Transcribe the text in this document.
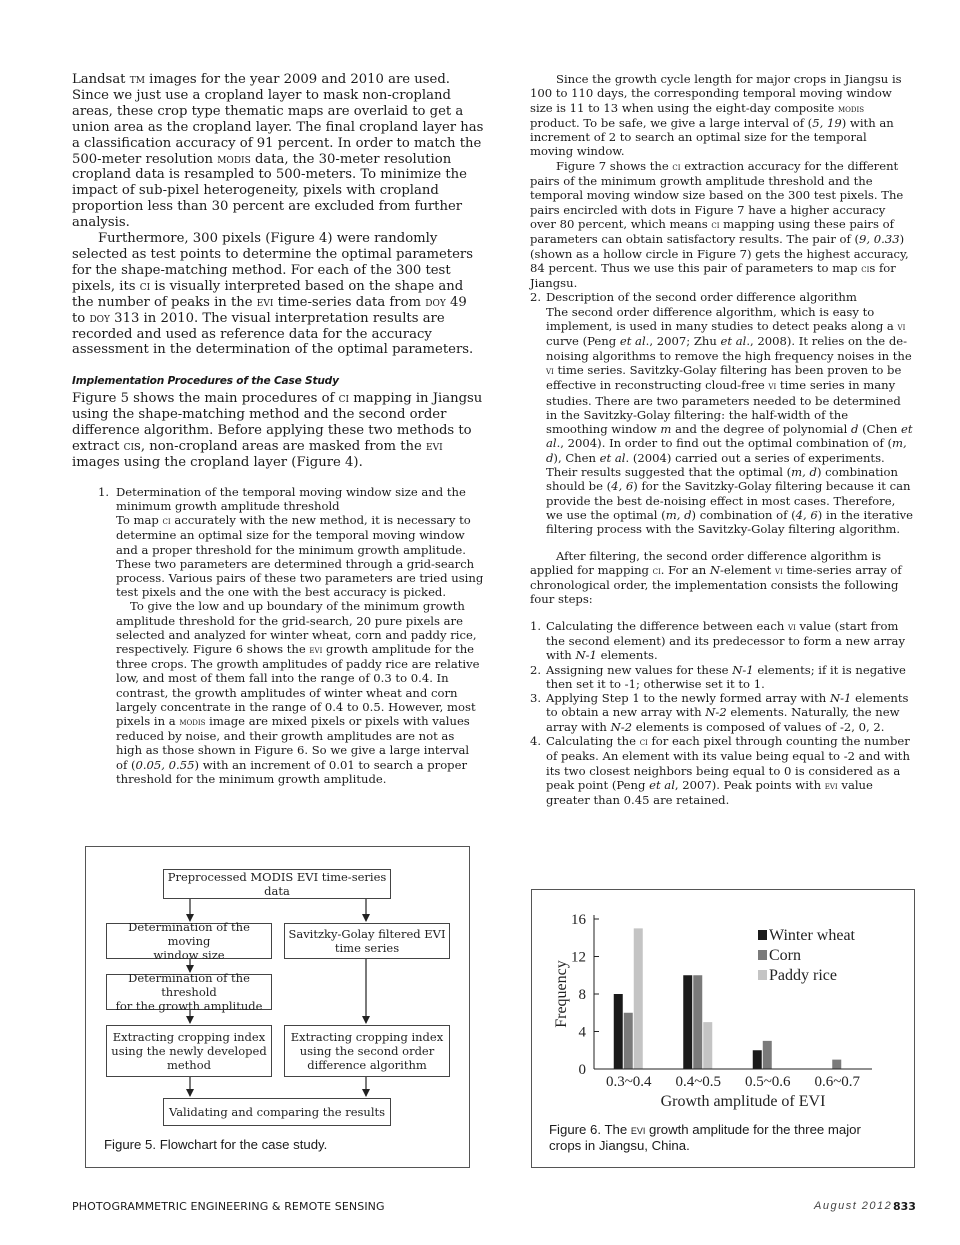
Landsat tm images for the year 2009 and 2010 are used. Since we just use a cropland layer to mask non-cropland areas, these crop type thematic maps are overlaid to get a union area as the cropland layer. The final cropland layer has a classification accuracy of 91 percent. In order to match the 500-meter resolution modis data, the 30-meter resolution cropland data is resampled to 500-meters. To minimize the impact of sub-pixel heterogeneity, pixels with cropland proportion less than 30 percent are excluded from further analysis.

Furthermore, 300 pixels (Figure 4) were randomly selected as test points to determine the optimal parameters for the shape-matching method. For each of the 300 test pixels, its ci is visually interpreted based on the shape and the number of peaks in the evi time-series data from doy 49 to doy 313 in 2010. The visual interpretation results are recorded and used as reference data for the accuracy assessment in the determination of the optimal parameters.

Implementation Procedures of the Case Study

Figure 5 shows the main procedures of ci mapping in Jiangsu using the shape-matching method and the second order difference algorithm. Before applying these two methods to extract cis, non-cropland areas are masked from the evi images using the cropland layer (Figure 4).

1. Determination of the temporal moving window size and the minimum growth amplitude threshold

To map ci accurately with the new method, it is necessary to determine an optimal size for the temporal moving window and a proper threshold for the minimum growth amplitude. These two parameters are determined through a grid-search process. Various pairs of these two parameters are tried using test pixels and the one with the best accuracy is picked.

To give the low and up boundary of the minimum growth amplitude threshold for the grid-search, 20 pure pixels are selected and analyzed for winter wheat, corn and paddy rice, respectively. Figure 6 shows the evi growth amplitude for the three crops. The growth amplitudes of paddy rice are relative low, and most of them fall into the range of 0.3 to 0.4. In contrast, the growth amplitudes of winter wheat and corn largely concentrate in the range of 0.4 to 0.5. However, most pixels in a modis image are mixed pixels or pixels with values reduced by noise, and their growth amplitudes are not as high as those shown in Figure 6. So we give a large interval of (0.05, 0.55) with an increment of 0.01 to search a proper threshold for the minimum growth amplitude.

Since the growth cycle length for major crops in Jiangsu is 100 to 110 days, the corresponding temporal moving window size is 11 to 13 when using the eight-day composite modis product. To be safe, we give a large interval of (5, 19) with an increment of 2 to search an optimal size for the temporal moving window.

Figure 7 shows the ci extraction accuracy for the different pairs of the minimum growth amplitude threshold and the temporal moving window size based on the 300 test pixels. The pairs encircled with dots in Figure 7 have a higher accuracy over 80 percent, which means ci mapping using these pairs of parameters can obtain satisfactory results. The pair of (9, 0.33) (shown as a hollow circle in Figure 7) gets the highest accuracy, 84 percent. Thus we use this pair of parameters to map cis for Jiangsu.

2. Description of the second order difference algorithm

The second order difference algorithm, which is easy to implement, is used in many studies to detect peaks along a vi curve (Peng et al., 2007; Zhu et al., 2008). It relies on the de-noising algorithms to remove the high frequency noises in the vi time series. Savitzky-Golay filtering has been proven to be effective in reconstructing cloud-free vi time series in many studies. There are two parameters needed to be determined in the Savitzky-Golay filtering: the half-width of the smoothing window m and the degree of polynomial d (Chen et al., 2004). In order to find out the optimal combination of (m, d), Chen et al. (2004) carried out a series of experiments. Their results suggested that the optimal (m, d) combination should be (4, 6) for the Savitzky-Golay filtering because it can provide the best de-noising effect in most cases. Therefore, we use the optimal (m, d) combination of (4, 6) in the iterative filtering process with the Savitzky-Golay filtering algorithm.

After filtering, the second order difference algorithm is applied for mapping ci. For an N-element vi time-series array of chronological order, the implementation consists the following four steps:

1. Calculating the difference between each vi value (start from the second element) and its predecessor to form a new array with N-1 elements.
2. Assigning new values for these N-1 elements; if it is negative then set it to -1; otherwise set it to 1.
3. Applying Step 1 to the newly formed array with N-1 elements to obtain a new array with N-2 elements. Naturally, the new array with N-2 elements is composed of values of -2, 0, 2.
4. Calculating the ci for each pixel through counting the number of peaks. An element with its value being equal to -2 and with its two closest neighbors being equal to 0 is considered as a peak point (Peng et al, 2007). Peak points with evi value greater than 0.45 are retained.
Preprocessed MODIS EVI time-series data
Determination of the moving
window size
Savitzky-Golay filtered EVI
time series
Determination of the threshold
for the growth amplitude
Extracting cropping index
using the newly developed
method
Extracting cropping index
using the second order
difference algorithm
Validating and comparing the results
Figure 5. Flowchart for the case study.
0
4
8
12
16
0.3~0.4 0.4~0.5 0.5~0.6 0.6~0.7
Growth amplitude of EVI
Frequency
Winter wheat
Corn
Paddy rice
Figure 6. The evi growth amplitude for the three major crops in Jiangsu, China.
PHOTOGRAMMETRIC ENGINEERING & REMOTE SENSING	August 2012 833
